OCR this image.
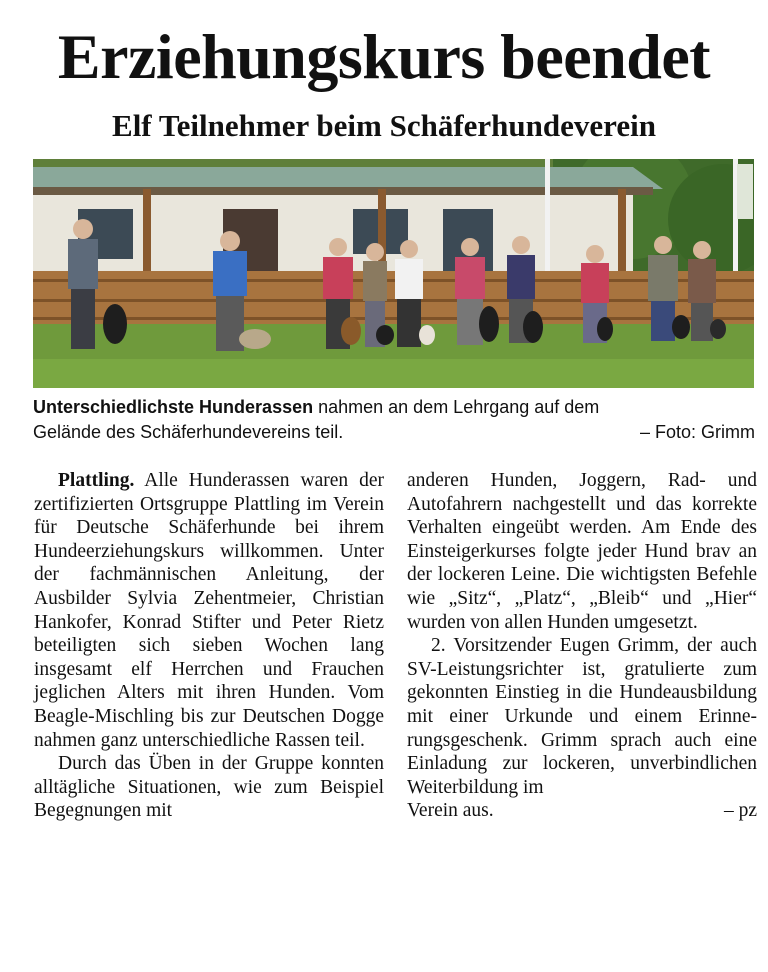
Erziehungskurs beendet
Elf Teilnehmer beim Schäferhundeverein
Unterschiedlichste Hunderassen nahmen an dem Lehrgang auf dem
Gelände des Schäferhundevereins teil.	– Foto: Grimm

Plattling. Alle Hunderassen waren der zertifizierten Ortsgruppe Plattling im Verein für Deutsche Schäferhunde bei ihrem Hundeerziehungskurs willkommen. Unter der fachmännischen Anleitung, der Ausbilder Sylvia Zehentmeier, Christian Hankofer, Konrad Stifter und Peter Rietz beteiligten sich sieben Wochen lang insgesamt elf Herrchen und Frauchen jeglichen Alters mit ihren Hunden. Vom Beagle-Mischling bis zur Deutschen Dogge nahmen ganz unterschiedliche Rassen teil.

Durch das Üben in der Gruppe konnten alltägliche Situationen, wie zum Beispiel Begegnungen mit

anderen Hunden, Joggern, Rad- und Autofahrern nachgestellt und das korrekte Verhalten eingeübt werden. Am Ende des Einsteigerkurses folgte jeder Hund brav an der lockeren Leine. Die wichtigsten Befehle wie „Sitz“, „Platz“, „Bleib“ und „Hier“ wurden von allen Hunden umgesetzt.

2. Vorsitzender Eugen Grimm, der auch SV-Leistungsrichter ist, gratulierte zum gekonnten Einstieg in die Hundeausbildung mit einer Urkunde und einem Erinnerungsgeschenk. Grimm sprach auch eine Einladung zur lockeren, unverbindlichen Weiterbildung im

Verein aus.	– pz
